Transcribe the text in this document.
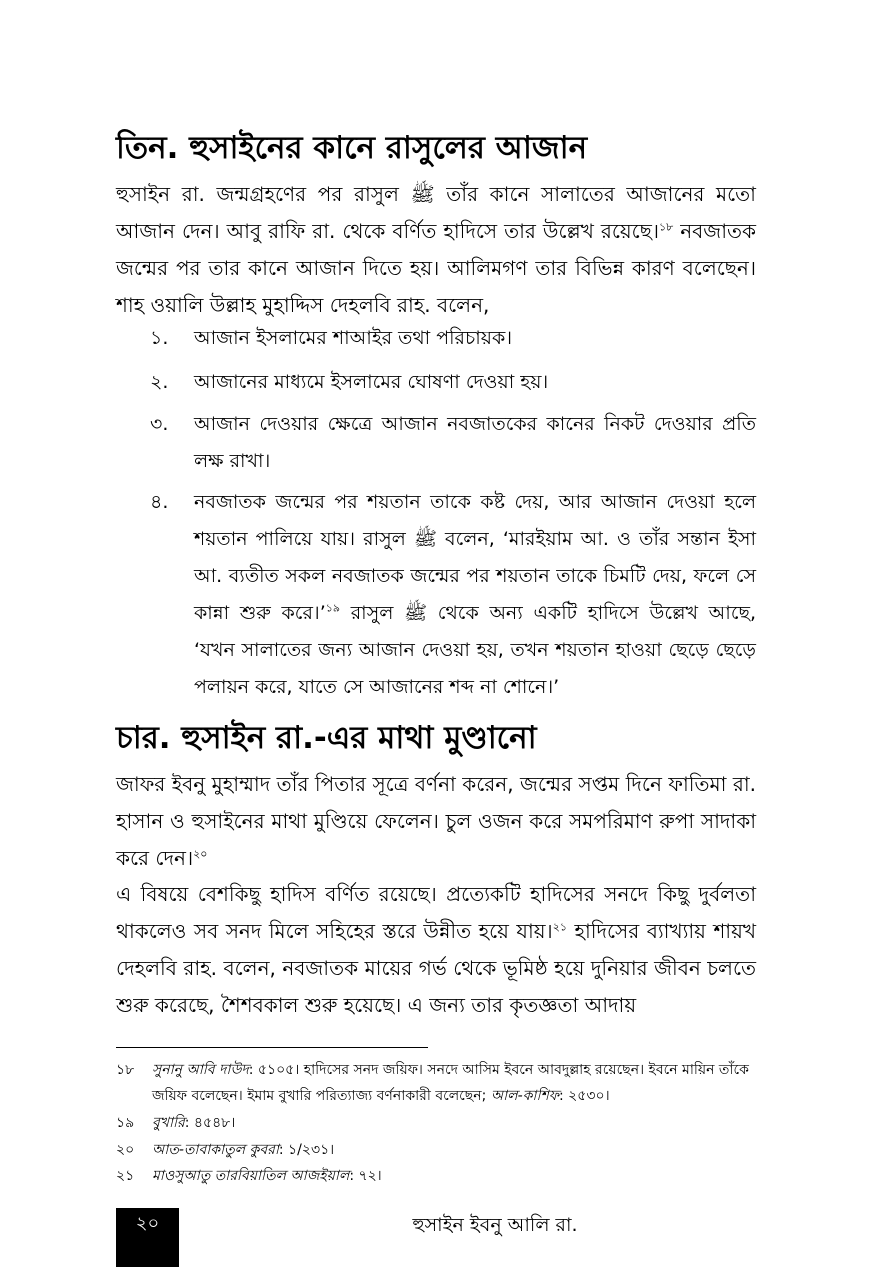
তিন. হুসাইনের কানে রাসুলের আজান

হুসাইন রা. জন্মগ্রহণের পর রাসুল ﷺ তাঁর কানে সালাতের আজানের মতো আজান দেন। আবু রাফি রা. থেকে বর্ণিত হাদিসে তার উল্লেখ রয়েছে।$^{১৮}$ নবজাতক জন্মের পর তার কানে আজান দিতে হয়। আলিমগণ তার বিভিন্ন কারণ বলেছেন। শাহ ওয়ালি উল্লাহ মুহাদ্দিস দেহলবি রাহ. বলেন,

১.	আজান ইসলামের শাআইর তথা পরিচায়ক।

২.	আজানের মাধ্যমে ইসলামের ঘোষণা দেওয়া হয়।

৩.	আজান দেওয়ার ক্ষেত্রে আজান নবজাতকের কানের নিকট দেওয়ার প্রতি লক্ষ রাখা।

৪.	নবজাতক জন্মের পর শয়তান তাকে কষ্ট দেয়, আর আজান দেওয়া হলে শয়তান পালিয়ে যায়। রাসুল ﷺ বলেন, ‘মারইয়াম আ. ও তাঁর সন্তান ইসা আ. ব্যতীত সকল নবজাতক জন্মের পর শয়তান তাকে চিমটি দেয়, ফলে সে কান্না শুরু করে।’$^{১৯}$ রাসুল ﷺ থেকে অন্য একটি হাদিসে উল্লেখ আছে, ‘যখন সালাতের জন্য আজান দেওয়া হয়, তখন শয়তান হাওয়া ছেড়ে ছেড়ে পলায়ন করে, যাতে সে আজানের শব্দ না শোনে।’

চার. হুসাইন রা.-এর মাথা মুণ্ডানো

জাফর ইবনু মুহাম্মাদ তাঁর পিতার সূত্রে বর্ণনা করেন, জন্মের সপ্তম দিনে ফাতিমা রা. হাসান ও হুসাইনের মাথা মুণ্ডিয়ে ফেলেন। চুল ওজন করে সমপরিমাণ রুপা সাদাকা করে দেন।$^{২০}$

এ বিষয়ে বেশকিছু হাদিস বর্ণিত রয়েছে। প্রত্যেকটি হাদিসের সনদে কিছু দুর্বলতা থাকলেও সব সনদ মিলে সহিহের স্তরে উন্নীত হয়ে যায়।$^{২১}$ হাদিসের ব্যাখ্যায় শায়খ দেহলবি রাহ. বলেন, নবজাতক মায়ের গর্ভ থেকে ভূমিষ্ঠ হয়ে দুনিয়ার জীবন চলতে শুরু করেছে, শৈশবকাল শুরু হয়েছে। এ জন্য তার কৃতজ্ঞতা আদায়

১৮	সুনানু আবি দাউদ: ৫১০৫। হাদিসের সনদ জয়িফ। সনদে আসিম ইবনে আবদুল্লাহ রয়েছেন। ইবনে মায়িন তাঁকে জয়িফ বলেছেন। ইমাম বুখারি পরিত্যাজ্য বর্ণনাকারী বলেছেন; আল-কাশিফ: ২৫৩০।
১৯	বুখারি: ৪৫৪৮।
২০	আত-তাবাকাতুল কুবরা: ১/২৩১।
২১	মাওসুআতু তারবিয়াতিল আজইয়াল: ৭২।
২০	হুসাইন ইবনু আলি রা.
